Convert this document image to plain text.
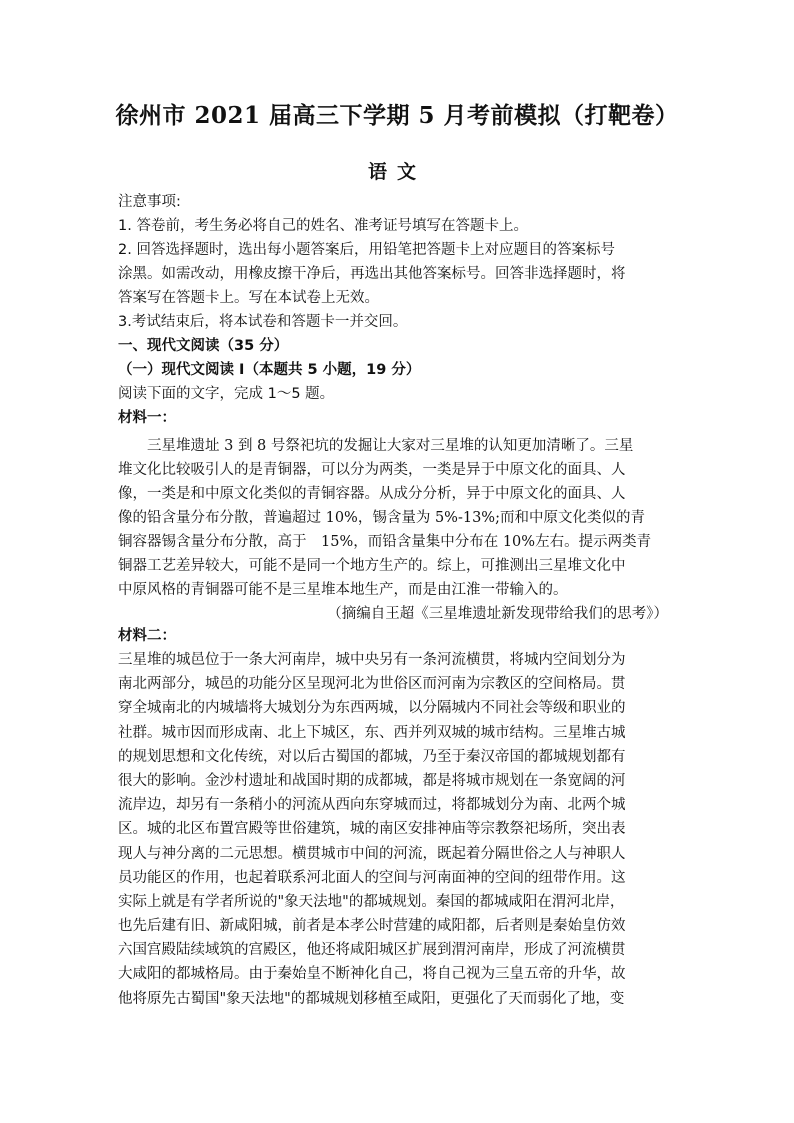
徐州市 2021 届高三下学期 5 月考前模拟（打靶卷）
语文
注意事项:
1. 答卷前，考生务必将自己的姓名、准考证号填写在答题卡上。
2. 回答选择题时，选出每小题答案后，用铅笔把答题卡上对应题目的答案标号
涂黑。如需改动，用橡皮擦干净后，再选出其他答案标号。回答非选择题时，将
答案写在答题卡上。写在本试卷上无效。
3.考试结束后，将本试卷和答题卡一并交回。
一、现代文阅读（35 分）
（一）现代文阅读 I（本题共 5 小题，19 分）
阅读下面的文字，完成 1～5 题。
材料一：
三星堆遗址 3 到 8 号祭祀坑的发掘让大家对三星堆的认知更加清晰了。三星
堆文化比较吸引人的是青铜器，可以分为两类，一类是异于中原文化的面具、人
像，一类是和中原文化类似的青铜容器。从成分分析，异于中原文化的面具、人
像的铅含量分布分散，普遍超过 10%，锡含量为 5%-13%;而和中原文化类似的青
铜容器锡含量分布分散，高于　15%，而铅含量集中分布在 10%左右。提示两类青
铜器工艺差异较大，可能不是同一个地方生产的。综上，可推测出三星堆文化中
中原风格的青铜器可能不是三星堆本地生产，而是由江淮一带输入的。
（摘编自王超《三星堆遗址新发现带给我们的思考》）
材料二：
三星堆的城邑位于一条大河南岸，城中央另有一条河流横贯，将城内空间划分为
南北两部分，城邑的功能分区呈现河北为世俗区而河南为宗教区的空间格局。贯
穿全城南北的内城墙将大城划分为东西两城，以分隔城内不同社会等级和职业的
社群。城市因而形成南、北上下城区，东、西并列双城的城市结构。三星堆古城
的规划思想和文化传统，对以后古蜀国的都城，乃至于秦汉帝国的都城规划都有
很大的影响。金沙村遗址和战国时期的成都城，都是将城市规划在一条宽阔的河
流岸边，却另有一条稍小的河流从西向东穿城而过，将都城划分为南、北两个城
区。城的北区布置宫殿等世俗建筑，城的南区安排神庙等宗教祭祀场所，突出表
现人与神分离的二元思想。横贯城市中间的河流，既起着分隔世俗之人与神职人
员功能区的作用，也起着联系河北面人的空间与河南面神的空间的纽带作用。这
实际上就是有学者所说的"象天法地"的都城规划。秦国的都城咸阳在渭河北岸，
也先后建有旧、新咸阳城，前者是本孝公时营建的咸阳都，后者则是秦始皇仿效
六国宫殿陆续域筑的宫殿区，他还将咸阳城区扩展到渭河南岸，形成了河流横贯
大咸阳的都城格局。由于秦始皇不断神化自己，将自己视为三皇五帝的升华，故
他将原先古蜀国"象天法地"的都城规划移植至咸阳，更强化了天而弱化了地，变
